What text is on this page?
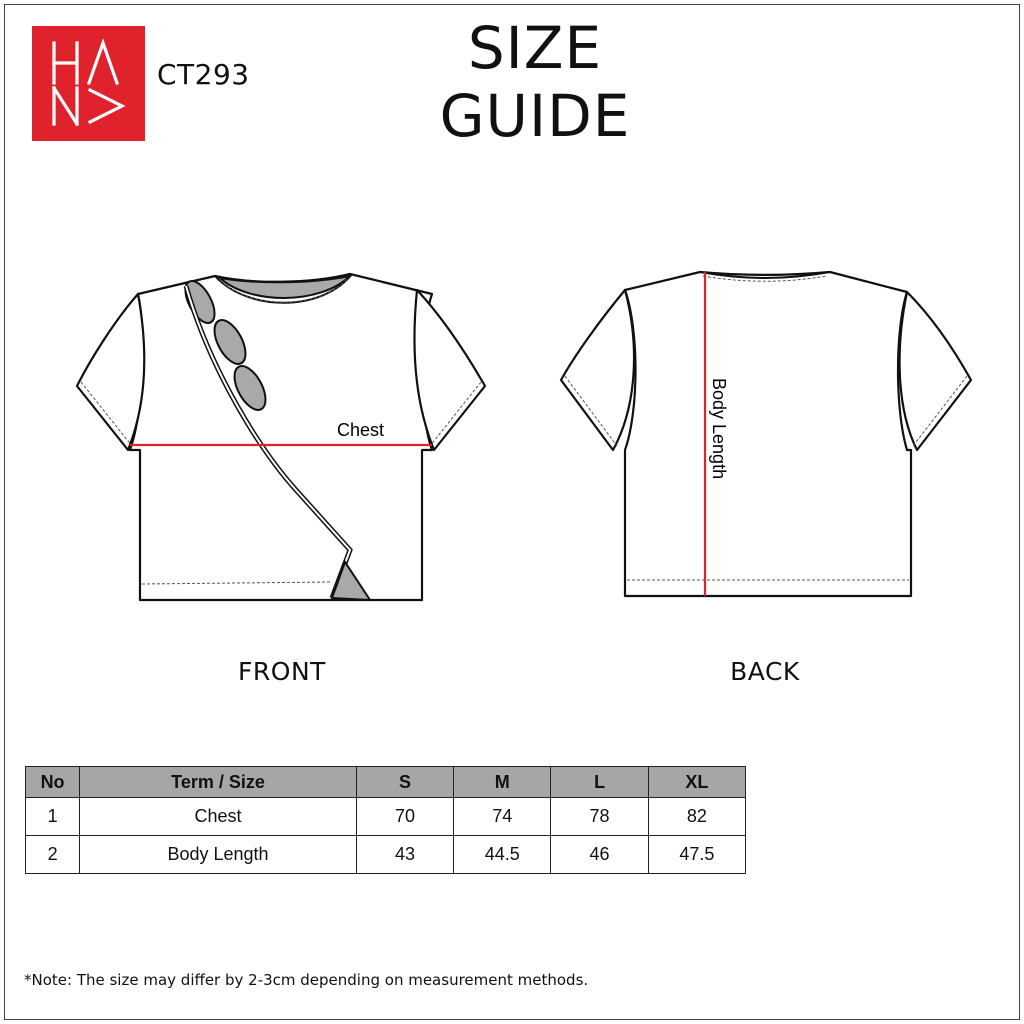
CT293	SIZE GUIDE
Chest	Body Length
FRONT	BACK
No	Term / Size	S	M	L	XL
1	Chest	70	74	78	82
2	Body Length	43	44.5	46	47.5
*Note: The size may differ by 2-3cm depending on measurement methods.
